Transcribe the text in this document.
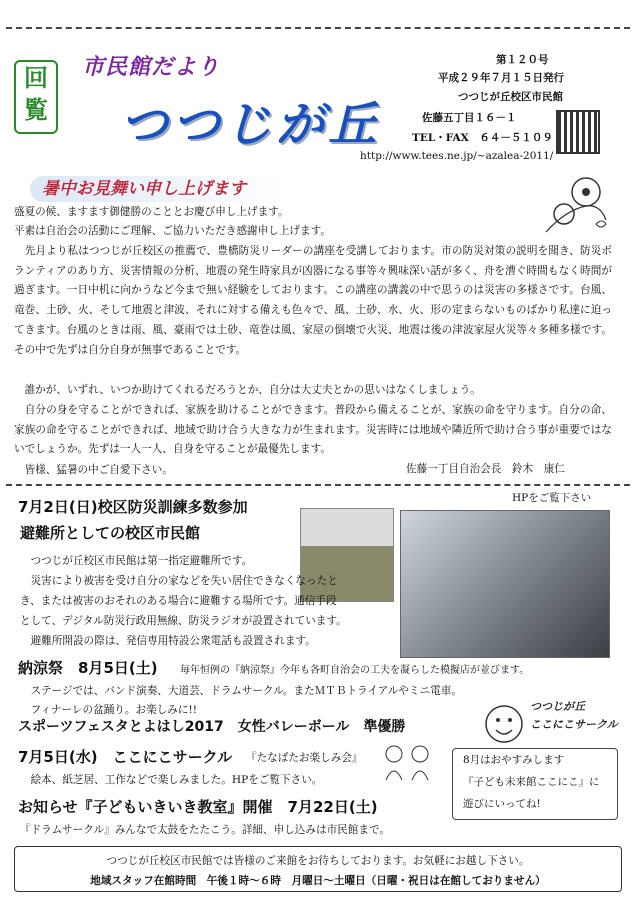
回
覧
市民館だより
つつじが丘
第１２０号
平成２９年７月１５日発行
つつじが丘校区市民館
佐藤五丁目１６－１
TEL・FAX　６４－５１０９
http://www.tees.ne.jp/~azalea-2011/
暑中お見舞い申し上げます
盛夏の候、ますます御健勝のこととお慶び申し上げます。
平素は自治会の活動にご理解、ご協力いただき感謝申し上げます。
　先月より私はつつじが丘校区の推薦で、豊橋防災リーダーの講座を受講しております。市の防災対策の説明を聞き、防災ボランティアのあり方、災害情報の分析、地震の発生時家具が凶器になる事等々興味深い話が多く、舟を漕ぐ時間もなく時間が過ぎます。一日中机に向かうなど今まで無い経験をしております。この講座の講義の中で思うのは災害の多様さです。台風、竜巻、土砂、火、そして地震と津波、それに対する備えも色々で、風、土砂、水、火、形の定まらないものばかり私達に迫ってきます。台風のときは雨、風、豪雨では土砂、竜巻は風、家屋の倒壊で火災、地震は後の津波家屋火災等々多種多様です。その中で先ずは自分自身が無事であることです。
　誰かが、いずれ、いつか助けてくれるだろうとか、自分は大丈夫とかの思いはなくしましょう。
　自分の身を守ることができれば、家族を助けることができます。普段から備えることが、家族の命を守ります。自分の命、家族の命を守ることができれば、地域で助け合う大きな力が生まれます。災害時には地域や隣近所で助け合う事が重要ではないでしょうか。先ずは一人一人、自身を守ることが最優先します。
　皆様、猛暑の中ご自愛下さい。	佐藤一丁目自治会長　鈴木　康仁
HPをご覧下さい
7月2日(日)校区防災訓練多数参加
避難所としての校区市民館
　つつじが丘校区市民館は第一指定避難所です。
　災害により被害を受け自分の家などを失い居住できなくなったと
き、または被害のおそれのある場合に避難する場所です。通信手段
として、デジタル防災行政用無線、防災ラジオが設置されています。
　避難所開設の際は、発信専用特設公衆電話も設置されます。
納涼祭　8月5日(土) 毎年恒例の『納涼祭』今年も各町自治会の工夫を凝らした模擬店が並びます。
　ステージでは、バンド演奏、大道芸、ドラムサークル。またＭＴＢトライアルやミニ電車。
　フィナーレの盆踊り。お楽しみに!!
スポーツフェスタとよはし2017　女性バレーボール　準優勝
7月5日(水)　ここにこサークル 『たなばたお楽しみ会』
　絵本、紙芝居、工作などで楽しみました。HPをご覧下さい。
つつじが丘
ここにこサークル
8月はおやすみします
『子ども未来館ここにこ』に
遊びにいってね!
お知らせ『子どもいきいき教室』開催　7月22日(土)
『ドラムサークル』みんなで太鼓をたたこう。詳細、申し込みは市民館まで。
つつじが丘校区市民館では皆様のご来館をお待ちしております。お気軽にお越し下さい。
地域スタッフ在館時間　午後１時～６時　月曜日～土曜日（日曜・祝日は在館しておりません）
